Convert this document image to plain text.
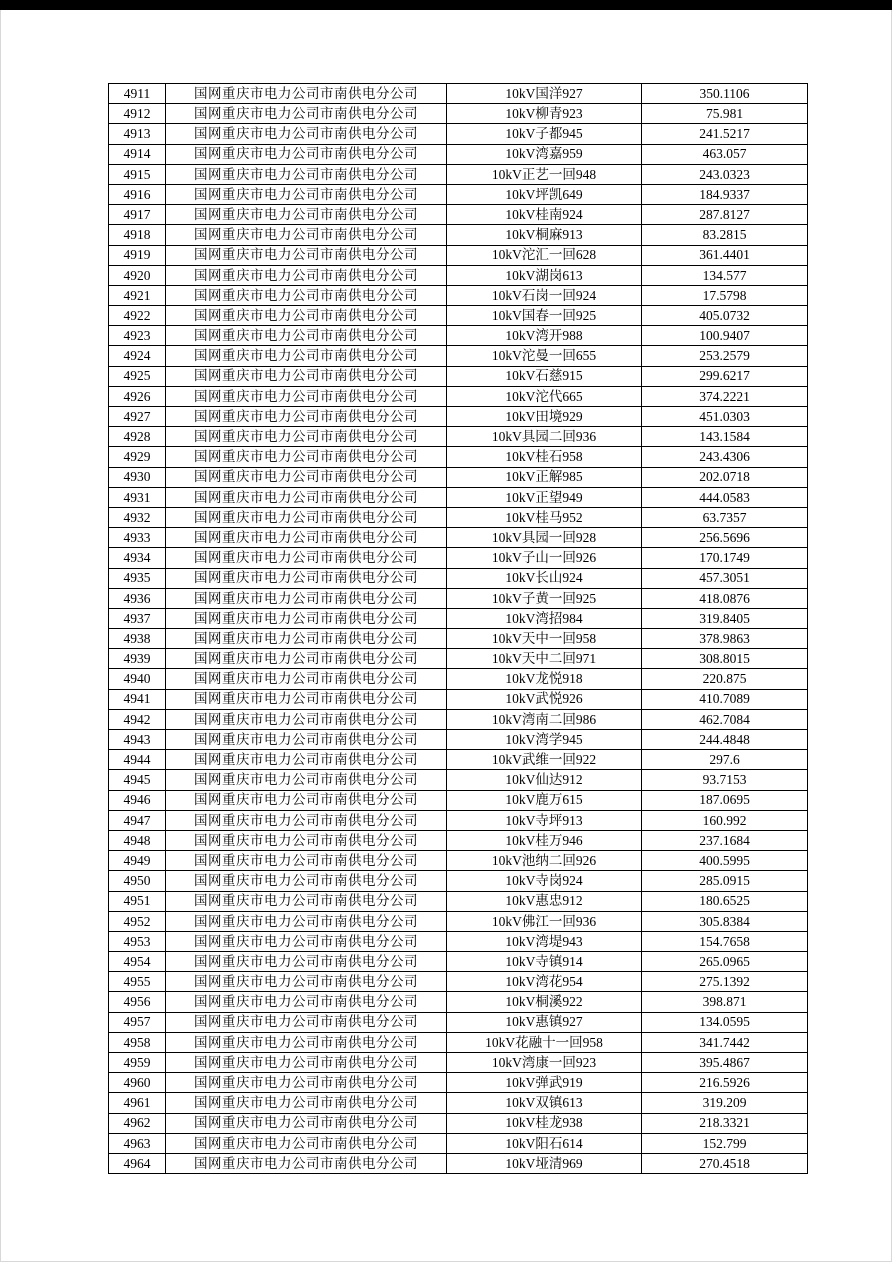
4911	国网重庆市电力公司市南供电分公司	10kV国洋927	350.1106
4912	国网重庆市电力公司市南供电分公司	10kV柳青923	75.981
4913	国网重庆市电力公司市南供电分公司	10kV子都945	241.5217
4914	国网重庆市电力公司市南供电分公司	10kV湾嘉959	463.057
4915	国网重庆市电力公司市南供电分公司	10kV正艺一回948	243.0323
4916	国网重庆市电力公司市南供电分公司	10kV坪凯649	184.9337
4917	国网重庆市电力公司市南供电分公司	10kV桂南924	287.8127
4918	国网重庆市电力公司市南供电分公司	10kV桐麻913	83.2815
4919	国网重庆市电力公司市南供电分公司	10kV沱汇一回628	361.4401
4920	国网重庆市电力公司市南供电分公司	10kV湖岗613	134.577
4921	国网重庆市电力公司市南供电分公司	10kV石岗一回924	17.5798
4922	国网重庆市电力公司市南供电分公司	10kV国春一回925	405.0732
4923	国网重庆市电力公司市南供电分公司	10kV湾开988	100.9407
4924	国网重庆市电力公司市南供电分公司	10kV沱曼一回655	253.2579
4925	国网重庆市电力公司市南供电分公司	10kV石慈915	299.6217
4926	国网重庆市电力公司市南供电分公司	10kV沱代665	374.2221
4927	国网重庆市电力公司市南供电分公司	10kV田境929	451.0303
4928	国网重庆市电力公司市南供电分公司	10kV具园二回936	143.1584
4929	国网重庆市电力公司市南供电分公司	10kV桂石958	243.4306
4930	国网重庆市电力公司市南供电分公司	10kV正解985	202.0718
4931	国网重庆市电力公司市南供电分公司	10kV正望949	444.0583
4932	国网重庆市电力公司市南供电分公司	10kV桂马952	63.7357
4933	国网重庆市电力公司市南供电分公司	10kV具园一回928	256.5696
4934	国网重庆市电力公司市南供电分公司	10kV子山一回926	170.1749
4935	国网重庆市电力公司市南供电分公司	10kV长山924	457.3051
4936	国网重庆市电力公司市南供电分公司	10kV子黄一回925	418.0876
4937	国网重庆市电力公司市南供电分公司	10kV湾招984	319.8405
4938	国网重庆市电力公司市南供电分公司	10kV天中一回958	378.9863
4939	国网重庆市电力公司市南供电分公司	10kV天中二回971	308.8015
4940	国网重庆市电力公司市南供电分公司	10kV龙悦918	220.875
4941	国网重庆市电力公司市南供电分公司	10kV武悦926	410.7089
4942	国网重庆市电力公司市南供电分公司	10kV湾南二回986	462.7084
4943	国网重庆市电力公司市南供电分公司	10kV湾学945	244.4848
4944	国网重庆市电力公司市南供电分公司	10kV武维一回922	297.6
4945	国网重庆市电力公司市南供电分公司	10kV仙达912	93.7153
4946	国网重庆市电力公司市南供电分公司	10kV鹿万615	187.0695
4947	国网重庆市电力公司市南供电分公司	10kV寺坪913	160.992
4948	国网重庆市电力公司市南供电分公司	10kV桂万946	237.1684
4949	国网重庆市电力公司市南供电分公司	10kV池纳二回926	400.5995
4950	国网重庆市电力公司市南供电分公司	10kV寺岗924	285.0915
4951	国网重庆市电力公司市南供电分公司	10kV惠忠912	180.6525
4952	国网重庆市电力公司市南供电分公司	10kV佛江一回936	305.8384
4953	国网重庆市电力公司市南供电分公司	10kV湾堤943	154.7658
4954	国网重庆市电力公司市南供电分公司	10kV寺镇914	265.0965
4955	国网重庆市电力公司市南供电分公司	10kV湾花954	275.1392
4956	国网重庆市电力公司市南供电分公司	10kV桐溪922	398.871
4957	国网重庆市电力公司市南供电分公司	10kV惠镇927	134.0595
4958	国网重庆市电力公司市南供电分公司	10kV花融十一回958	341.7442
4959	国网重庆市电力公司市南供电分公司	10kV湾康一回923	395.4867
4960	国网重庆市电力公司市南供电分公司	10kV弹武919	216.5926
4961	国网重庆市电力公司市南供电分公司	10kV双镇613	319.209
4962	国网重庆市电力公司市南供电分公司	10kV桂龙938	218.3321
4963	国网重庆市电力公司市南供电分公司	10kV阳石614	152.799
4964	国网重庆市电力公司市南供电分公司	10kV垭清969	270.4518
